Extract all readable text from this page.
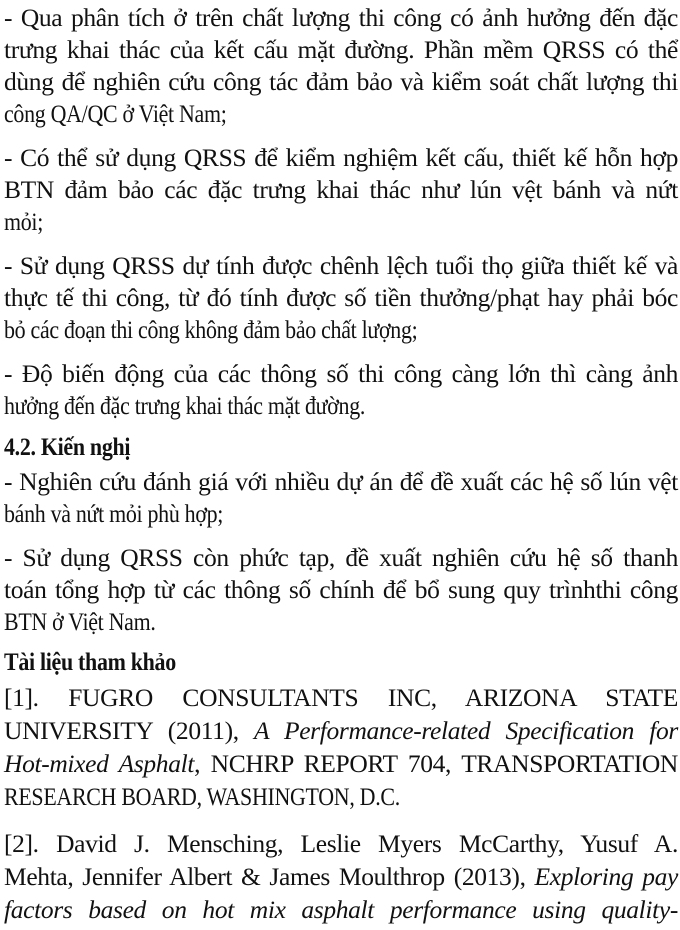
- Qua phân tích ở trên chất lượng thi công có ảnh hưởng đến đặc
trưng khai thác của kết cấu mặt đường. Phần mềm QRSS có thể
dùng để nghiên cứu công tác đảm bảo và kiểm soát chất lượng thi
công QA/QC ở Việt Nam;
- Có thể sử dụng QRSS để kiểm nghiệm kết cấu, thiết kế hỗn hợp
BTN đảm bảo các đặc trưng khai thác như lún vệt bánh và nứt
mỏi;
- Sử dụng QRSS dự tính được chênh lệch tuổi thọ giữa thiết kế và
thực tế thi công, từ đó tính được số tiền thưởng/phạt hay phải bóc
bỏ các đoạn thi công không đảm bảo chất lượng;
- Độ biến động của các thông số thi công càng lớn thì càng ảnh
hưởng đến đặc trưng khai thác mặt đường.
4.2. Kiến nghị
- Nghiên cứu đánh giá với nhiều dự án để đề xuất các hệ số lún vệt
bánh và nứt mỏi phù hợp;
- Sử dụng QRSS còn phức tạp, đề xuất nghiên cứu hệ số thanh
toán tổng hợp từ các thông số chính để bổ sung quy trìnhthi công
BTN ở Việt Nam.
Tài liệu tham khảo
[1]. FUGRO CONSULTANTS INC, ARIZONA STATE
UNIVERSITY (2011), A Performance-related Specification for
Hot-mixed Asphalt, NCHRP REPORT 704, TRANSPORTATION
RESEARCH BOARD, WASHINGTON, D.C.
[2]. David J. Mensching, Leslie Myers McCarthy, Yusuf A.
Mehta, Jennifer Albert & James Moulthrop (2013), Exploring pay
factors based on hot mix asphalt performance using quality-
